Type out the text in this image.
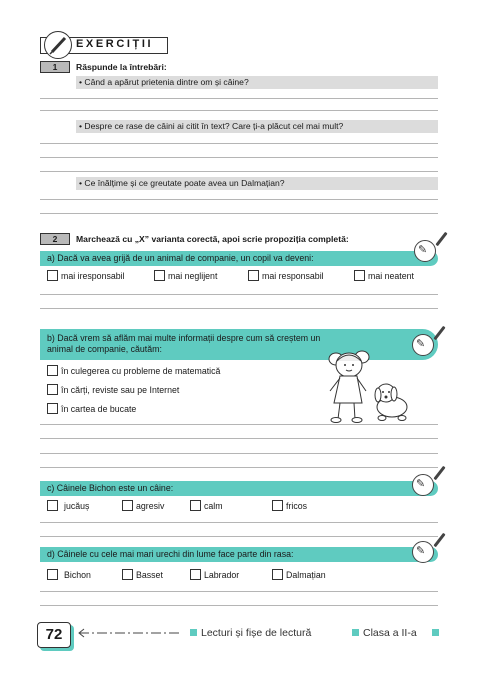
EXERCIȚII
1	Răspunde la întrebări:
• Când a apărut prietenia dintre om și câine?
• Despre ce rase de câini ai citit în text? Care ți-a plăcut cel mai mult?
• Ce înălțime și ce greutate poate avea un Dalmațian?
2	Marchează cu „X” varianta corectă, apoi scrie propoziția completă:
a) Dacă va avea grijă de un animal de companie, un copil va deveni:
✎
mai iresponsabil	mai neglijent	mai responsabil	mai neatent
b) Dacă vrem să aflăm mai multe informații despre cum să creștem un
animal de companie, căutăm:
✎
în culegerea cu probleme de matematică
în cărți, reviste sau pe Internet
în cartea de bucate
c) Câinele Bichon este un câine:
✎
jucăuș	agresiv	calm	fricos
d) Câinele cu cele mai mari urechi din lume face parte din rasa:
✎
Bichon	Basset	Labrador	Dalmațian
72	Lecturi și fișe de lectură	Clasa a II-a
